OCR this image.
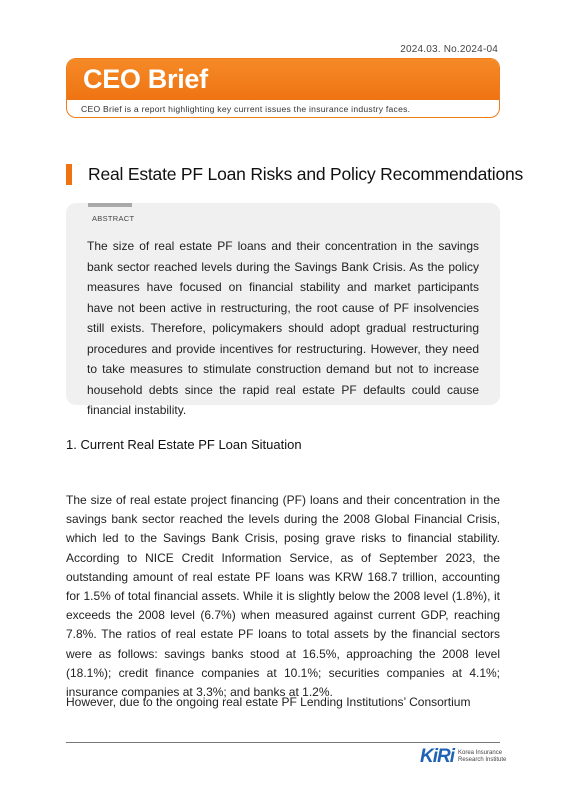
2024.03. No.2024-04
CEO Brief
CEO Brief is a report highlighting key current issues the insurance industry faces.
Real Estate PF Loan Risks and Policy Recommendations
ABSTRACT

The size of real estate PF loans and their concentration in the savings bank sector reached levels during the Savings Bank Crisis. As the policy measures have focused on financial stability and market participants have not been active in restructuring, the root cause of PF insolvencies still exists. Therefore, policymakers should adopt gradual restructuring procedures and provide incentives for restructuring. However, they need to take measures to stimulate construction demand but not to increase household debts since the rapid real estate PF defaults could cause financial instability.

1. Current Real Estate PF Loan Situation

The size of real estate project financing (PF) loans and their concentration in the savings bank sector reached the levels during the 2008 Global Financial Crisis, which led to the Savings Bank Crisis, posing grave risks to financial stability. According to NICE Credit Information Service, as of September 2023, the outstanding amount of real estate PF loans was KRW 168.7 trillion, accounting for 1.5% of total financial assets. While it is slightly below the 2008 level (1.8%), it exceeds the 2008 level (6.7%) when measured against current GDP, reaching 7.8%. The ratios of real estate PF loans to total assets by the financial sectors were as follows: savings banks stood at 16.5%, approaching the 2008 level (18.1%); credit finance companies at 10.1%; securities companies at 4.1%; insurance companies at 3.3%; and banks at 1.2%.

However, due to the ongoing real estate PF Lending Institutions’ Consortium

KiRi Korea Insurance
Research Institute
